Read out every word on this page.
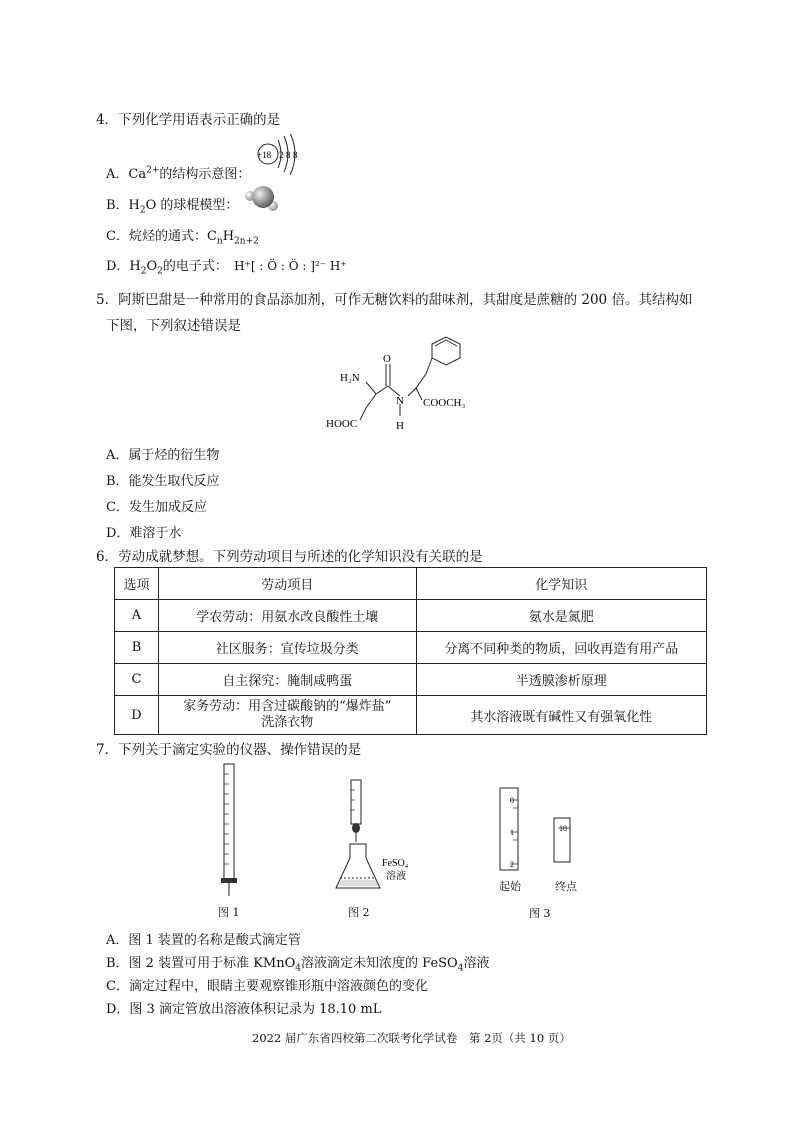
4．下列化学用语表示正确的是
A．$Ca^{2+}$的结构示意图：
+18 2 8 8
B．$H_2O$ 的球棍模型：
C．烷烃的通式：$C_nH_{2n+2}$
D．$H_2O_2$的电子式： H⁺[ : Ö : Ö : ]²⁻ H⁺
5．阿斯巴甜是一种常用的食品添加剂，可作无糖饮料的甜味剂，其甜度是蔗糖的 200 倍。其结构如
下图，下列叙述错误是
H₂N
O
N
H
COOCH₃
HOOC
A．属于烃的衍生物
B．能发生取代反应
C．发生加成反应
D．难溶于水
6．劳动成就梦想。下列劳动项目与所述的化学知识没有关联的是
选项	劳动项目	化学知识
A	学农劳动：用氨水改良酸性土壤	氨水是氮肥
B	社区服务：宣传垃圾分类	分离不同种类的物质，回收再造有用产品
C	自主探究：腌制咸鸭蛋	半透膜渗析原理
D	家务劳动：用含过碳酸钠的“爆炸盐”
洗涤衣物	其水溶液既有碱性又有强氧化性
7．下列关于滴定实验的仪器、操作错误的是
图 1
FeSO₄
溶液
图 2
0
1
2
18
起始	终点
图 3
A．图 1 装置的名称是酸式滴定管
B．图 2 装置可用于标准 KMnO$_4$溶液滴定未知浓度的 FeSO$_4$溶液
C．滴定过程中，眼睛主要观察锥形瓶中溶液颜色的变化
D．图 3 滴定管放出溶液体积记录为 18.10 mL
2022 届广东省四校第二次联考化学试卷　第 2页（共 10 页）
